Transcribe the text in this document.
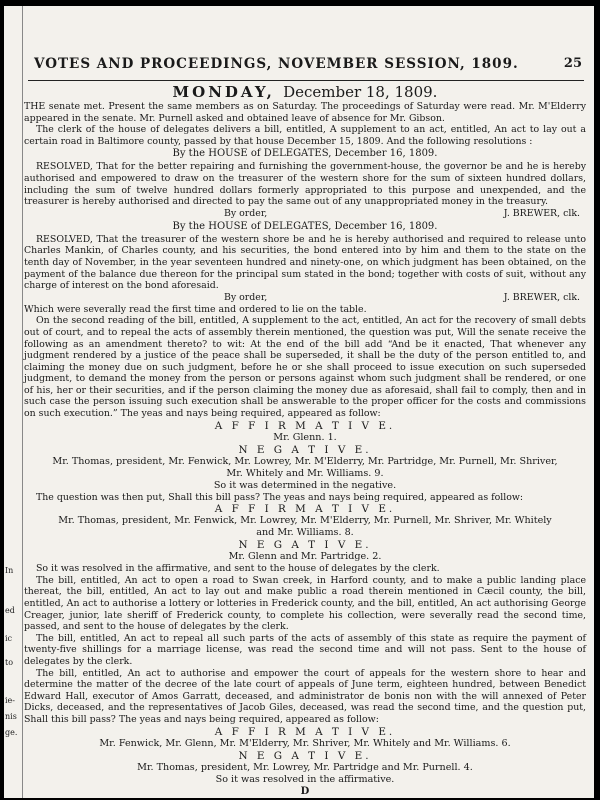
In
ed
ic
to
ie-
nis
ge.
VOTES AND PROCEEDINGS, NOVEMBER SESSION, 1809.	25
MONDAY, December 18, 1809.

THE senate met. Present the same members as on Saturday. The proceedings of Saturday were read. Mr. M'Elderry appeared in the senate. Mr. Purnell asked and obtained leave of absence for Mr. Gibson.

The clerk of the house of delegates delivers a bill, entitled, A supplement to an act, entitled, An act to lay out a certain road in Baltimore county, passed by that house December 15, 1809. And the following resolutions :

By the HOUSE of DELEGATES, December 16, 1809.

RESOLVED, That for the better repairing and furnishing the government-house, the governor be and he is hereby authorised and empowered to draw on the treasurer of the western shore for the sum of sixteen hundred dollars, including the sum of twelve hundred dollars formerly appropriated to this purpose and unexpended, and the treasurer is hereby authorised and directed to pay the same out of any unappropriated money in the treasury.

By order,	J. BREWER, clk.

By the HOUSE of DELEGATES, December 16, 1809.

RESOLVED, That the treasurer of the western shore be and he is hereby authorised and required to release unto Charles Mankin, of Charles county, and his securities, the bond entered into by him and them to the state on the tenth day of November, in the year seventeen hundred and ninety-one, on which judgment has been obtained, on the payment of the balance due thereon for the principal sum stated in the bond; together with costs of suit, without any charge of interest on the bond aforesaid.

By order,	J. BREWER, clk.

Which were severally read the first time and ordered to lie on the table.

On the second reading of the bill, entitled, A supplement to the act, entitled, An act for the recovery of small debts out of court, and to repeal the acts of assembly therein mentioned, the question was put, Will the senate receive the following as an amendment thereto? to wit: At the end of the bill add “And be it enacted, That whenever any judgment rendered by a justice of the peace shall be superseded, it shall be the duty of the person entitled to, and claiming the money due on such judgment, before he or she shall proceed to issue execution on such superseded judgment, to demand the money from the person or persons against whom such judgment shall be rendered, or one of his, her or their securities, and if the person claiming the money due as aforesaid, shall fail to comply, then and in such case the person issuing such execution shall be answerable to the proper officer for the costs and commissions on such execution.” The yeas and nays being required, appeared as follow:

A F F I R M A T I V E.

Mr. Glenn. 1.

N E G A T I V E.

Mr. Thomas, president, Mr. Fenwick, Mr. Lowrey, Mr. M'Elderry, Mr. Partridge, Mr. Purnell, Mr. Shriver,

Mr. Whitely and Mr. Williams. 9.

So it was determined in the negative.

The question was then put, Shall this bill pass? The yeas and nays being required, appeared as follow:

A F F I R M A T I V E.

Mr. Thomas, president, Mr. Fenwick, Mr. Lowrey, Mr. M'Elderry, Mr. Purnell, Mr. Shriver, Mr. Whitely

and Mr. Williams. 8.

N E G A T I V E.

Mr. Glenn and Mr. Partridge. 2.

So it was resolved in the affirmative, and sent to the house of delegates by the clerk.

The bill, entitled, An act to open a road to Swan creek, in Harford county, and to make a public landing place thereat, the bill, entitled, An act to lay out and make public a road therein mentioned in Cæcil county, the bill, entitled, An act to authorise a lottery or lotteries in Frederick county, and the bill, entitled, An act authorising George Creager, junior, late sheriff of Frederick county, to complete his collection, were severally read the second time, passed, and sent to the house of delegates by the clerk.

The bill, entitled, An act to repeal all such parts of the acts of assembly of this state as require the payment of twenty-five shillings for a marriage license, was read the second time and will not pass. Sent to the house of delegates by the clerk.

The bill, entitled, An act to authorise and empower the court of appeals for the western shore to hear and determine the matter of the decree of the late court of appeals of June term, eighteen hundred, between Benedict Edward Hall, executor of Amos Garratt, deceased, and administrator de bonis non with the will annexed of Peter Dicks, deceased, and the representatives of Jacob Giles, deceased, was read the second time, and the question put, Shall this bill pass? The yeas and nays being required, appeared as follow:

A F F I R M A T I V E.

Mr. Fenwick, Mr. Glenn, Mr. M'Elderry, Mr. Shriver, Mr. Whitely and Mr. Williams. 6.

N E G A T I V E.

Mr. Thomas, president, Mr. Lowrey, Mr. Partridge and Mr. Purnell. 4.

So it was resolved in the affirmative.

D
